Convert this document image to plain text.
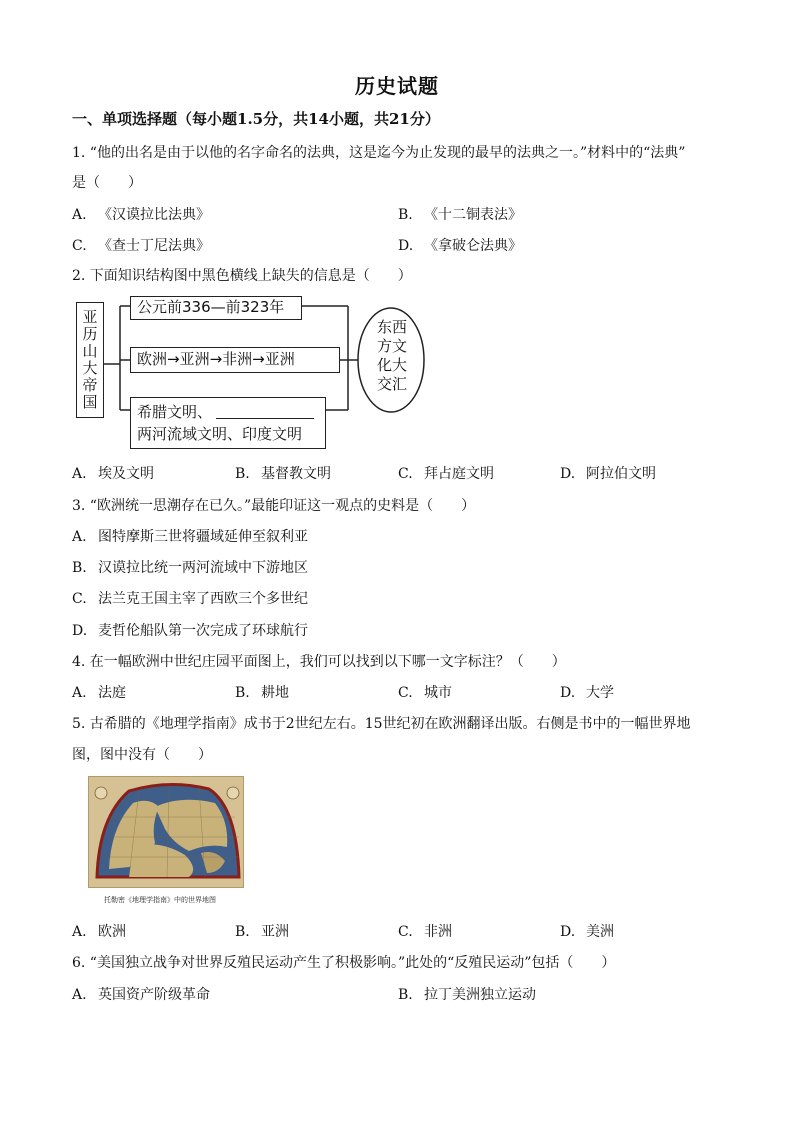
历史试题
一、单项选择题（每小题1.5分，共14小题，共21分）
1. “他的出名是由于以他的名字命名的法典，这是迄今为止发现的最早的法典之一。”材料中的“法典”
是（　　）
A. 《汉谟拉比法典》	B. 《十二铜表法》
C. 《查士丁尼法典》	D. 《拿破仑法典》
2. 下面知识结构图中黑色横线上缺失的信息是（　　）
亚历山大帝国
公元前336—前323年
欧洲→亚洲→非洲→亚洲
希腊文明、
两河流域文明、印度文明
东西方文化大交汇
A. 埃及文明	B. 基督教文明	C. 拜占庭文明	D. 阿拉伯文明
3. “欧洲统一思潮存在已久。”最能印证这一观点的史料是（　　）
A. 图特摩斯三世将疆域延伸至叙利亚
B. 汉谟拉比统一两河流域中下游地区
C. 法兰克王国主宰了西欧三个多世纪
D. 麦哲伦船队第一次完成了环球航行
4. 在一幅欧洲中世纪庄园平面图上，我们可以找到以下哪一文字标注？（　　）
A. 法庭	B. 耕地	C. 城市	D. 大学
5. 古希腊的《地理学指南》成书于2世纪左右。15世纪初在欧洲翻译出版。右侧是书中的一幅世界地
图，图中没有（　　）
托勒密《地理学指南》中的世界地图
A. 欧洲	B. 亚洲	C. 非洲	D. 美洲
6. “美国独立战争对世界反殖民运动产生了积极影响。”此处的“反殖民运动”包括（　　）
A. 英国资产阶级革命	B. 拉丁美洲独立运动
